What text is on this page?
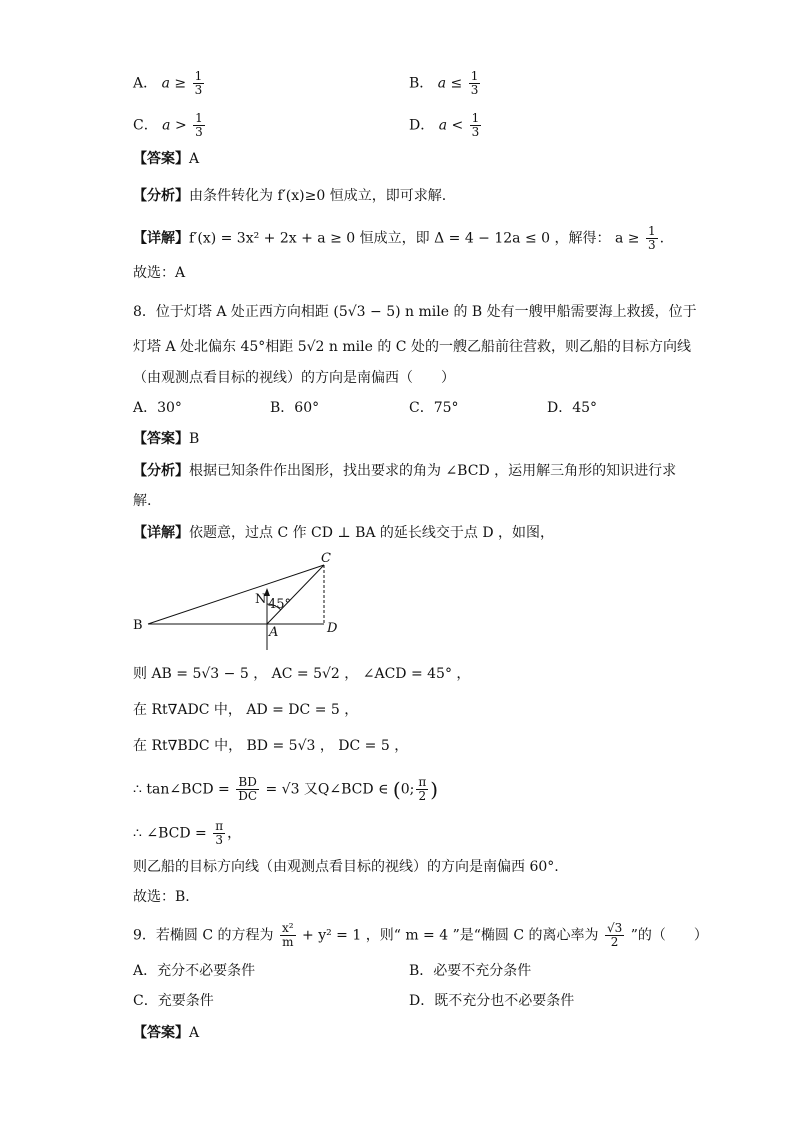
A． $a \ge \frac{1}{3}$	B． $a \le \frac{1}{3}$
C． $a > \frac{1}{3}$	D． $a < \frac{1}{3}$
【答案】A
【分析】由条件转化为 f′(x)≥0 恒成立，即可求解.
【详解】f′(x) = 3x² + 2x + a ≥ 0 恒成立，即 Δ = 4 − 12a ≤ 0 ，解得： $a \ge \frac{1}{3}$ .
故选：A
8．位于灯塔 A 处正西方向相距 (5√3 − 5) n mile 的 B 处有一艘甲船需要海上救援，位于
灯塔 A 处北偏东 45°相距 5√2 n mile 的 C 处的一艘乙船前往营救，则乙船的目标方向线
（由观测点看目标的视线）的方向是南偏西（　　）
A．30°	B．60°	C．75°	D．45°
【答案】B
【分析】根据已知条件作出图形，找出要求的角为 ∠BCD ，运用解三角形的知识进行求
解.
【详解】依题意，过点 C 作 CD ⊥ BA 的延长线交于点 D ，如图，
B	A
C
D
N 45°
则 AB = 5√3 − 5 ， AC = 5√2 ， ∠ACD = 45° ，
在 Rt∇ADC 中， AD = DC = 5 ，
在 Rt∇BDC 中， BD = 5√3 ， DC = 5 ，
∴ tan∠BCD = $\frac{BD}{DC} = √3$ 又Q∠BCD ∈ (0; $\frac{\pi}{2}$ )
∴ ∠BCD = $\frac{\pi}{3}$ ，
则乙船的目标方向线（由观测点看目标的视线）的方向是南偏西 60°.
故选：B.
9．若椭圆 C 的方程为 $\frac{\text{x²}}{m} + y^2 = 1$ ，则“ m = 4 ”是“椭圆 C 的离心率为 $\frac{√3}{2}$ ”的（　　）
A．充分不必要条件	B．必要不充分条件
C．充要条件	D．既不充分也不必要条件
【答案】A
